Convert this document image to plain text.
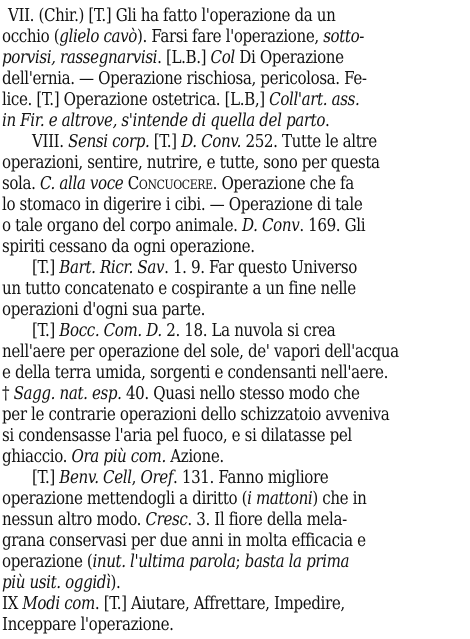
VII. (Chir.) [T.] Gli ha fatto l'operazione da un
occhio (glielo cavò). Farsi fare l'operazione, sotto-
porvisi, rassegnarvisi. [L.B.] Col Di Operazione
dell'ernia. — Operazione rischiosa, pericolosa. Fe-
lice. [T.] Operazione ostetrica. [L.B,] Coll'art. ass.
in Fir. e altrove, s'intende di quella del parto.
VIII. Sensi corp. [T.] D. Conv. 252. Tutte le altre
operazioni, sentire, nutrire, e tutte, sono per questa
sola. C. alla voce Concuocere. Operazione che fa
lo stomaco in digerire i cibi. — Operazione di tale
o tale organo del corpo animale. D. Conv. 169. Gli
spiriti cessano da ogni operazione.
[T.] Bart. Ricr. Sav. 1. 9. Far questo Universo
un tutto concatenato e cospirante a un fine nelle
operazioni d'ogni sua parte.
[T.] Bocc. Com. D. 2. 18. La nuvola si crea
nell'aere per operazione del sole, de' vapori dell'acqua
e della terra umida, sorgenti e condensanti nell'aere.
† Sagg. nat. esp. 40. Quasi nello stesso modo che
per le contrarie operazioni dello schizzatoio avveniva
si condensasse l'aria pel fuoco, e si dilatasse pel
ghiaccio. Ora più com. Azione.
[T.] Benv. Cell, Oref. 131. Fanno migliore
operazione mettendogli a diritto (i mattoni) che in
nessun altro modo. Cresc. 3. Il fiore della mela-
grana conservasi per due anni in molta efficacia e
operazione (inut. l'ultima parola; basta la prima
più usit. oggidì).
IX Modi com. [T.] Aiutare, Affrettare, Impedire,
Inceppare l'operazione.
